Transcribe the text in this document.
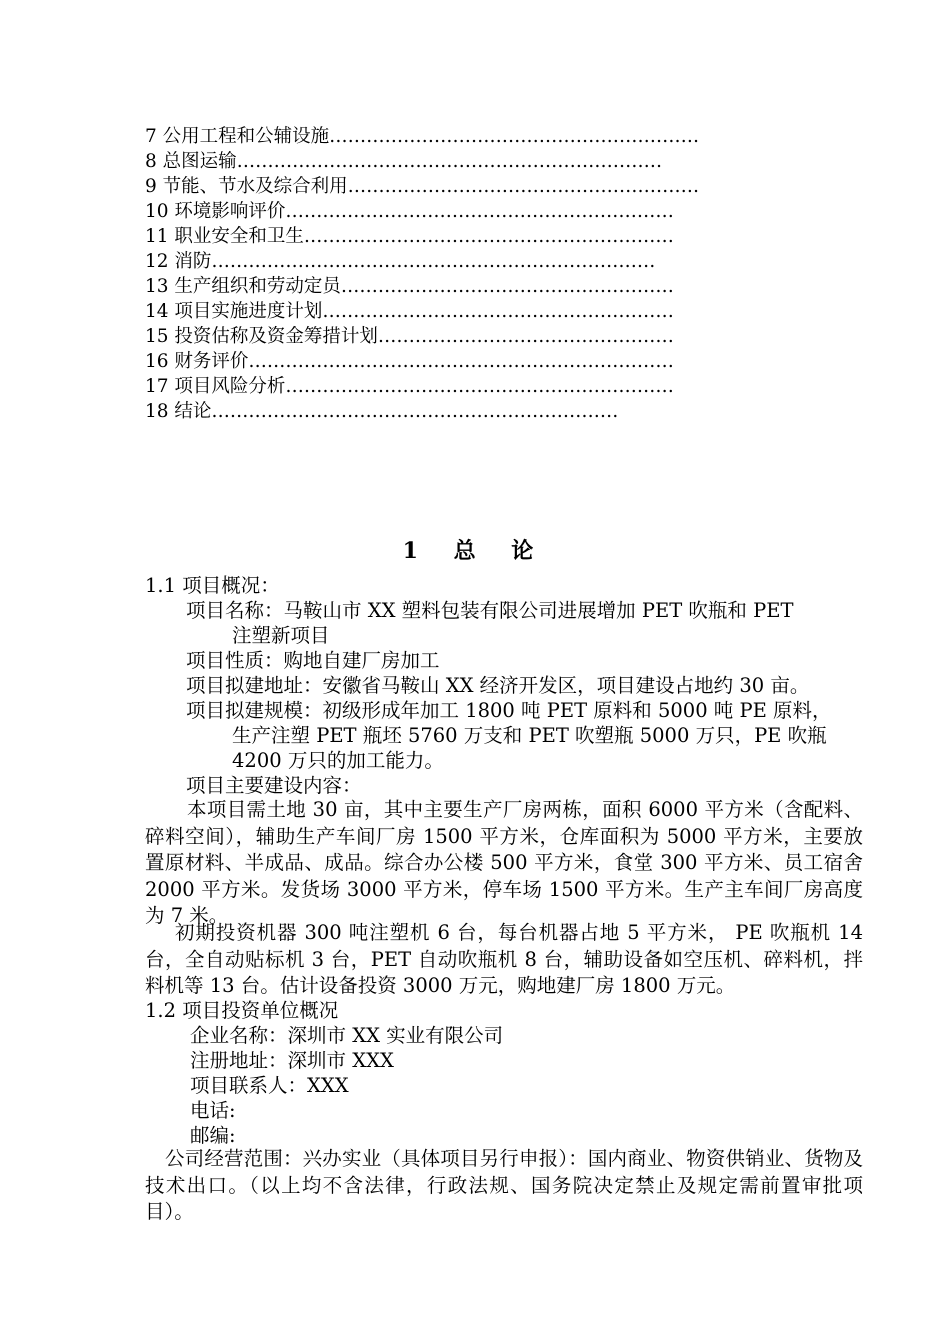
7 公用工程和公辅设施……………………………………………………
8 总图运输……………………………………………………………
9 节能、节水及综合利用…………………………………………………
10 环境影响评价………………………………………………………
11 职业安全和卫生……………………………………………………
12 消防………………………………………………………………
13 生产组织和劳动定员………………………………………………
14 项目实施进度计划…………………………………………………
15 投资估称及资金筹措计划…………………………………………
16 财务评价……………………………………………………………
17 项目风险分析………………………………………………………
18 结论…………………………………………………………
1 总 论
1.1 项目概况：
项目名称：马鞍山市 XX 塑料包装有限公司进展增加 PET 吹瓶和 PET
注塑新项目
项目性质：购地自建厂房加工
项目拟建地址：安徽省马鞍山 XX 经济开发区，项目建设占地约 30 亩。
项目拟建规模：初级形成年加工 1800 吨 PET 原料和 5000 吨 PE 原料，
生产注塑 PET 瓶坯 5760 万支和 PET 吹塑瓶 5000 万只，PE 吹瓶
4200 万只的加工能力。
项目主要建设内容：
本项目需土地 30 亩，其中主要生产厂房两栋，面积 6000 平方米（含配料、碎料空间），辅助生产车间厂房 1500 平方米，仓库面积为 5000 平方米，主要放置原材料、半成品、成品。综合办公楼 500 平方米，食堂 300 平方米、员工宿舍 2000 平方米。发货场 3000 平方米，停车场 1500 平方米。生产主车间厂房高度为 7 米。
初期投资机器 300 吨注塑机 6 台，每台机器占地 5 平方米， PE 吹瓶机 14 台，全自动贴标机 3 台，PET 自动吹瓶机 8 台，辅助设备如空压机、碎料机，拌料机等 13 台。估计设备投资 3000 万元，购地建厂房 1800 万元。
1.2 项目投资单位概况
企业名称：深圳市 XX 实业有限公司
注册地址：深圳市 XXX
项目联系人：XXX
电话:
邮编:
公司经营范围：兴办实业（具体项目另行申报）：国内商业、物资供销业、货物及技术出口。（以上均不含法律，行政法规、国务院决定禁止及规定需前置审批项目）。
